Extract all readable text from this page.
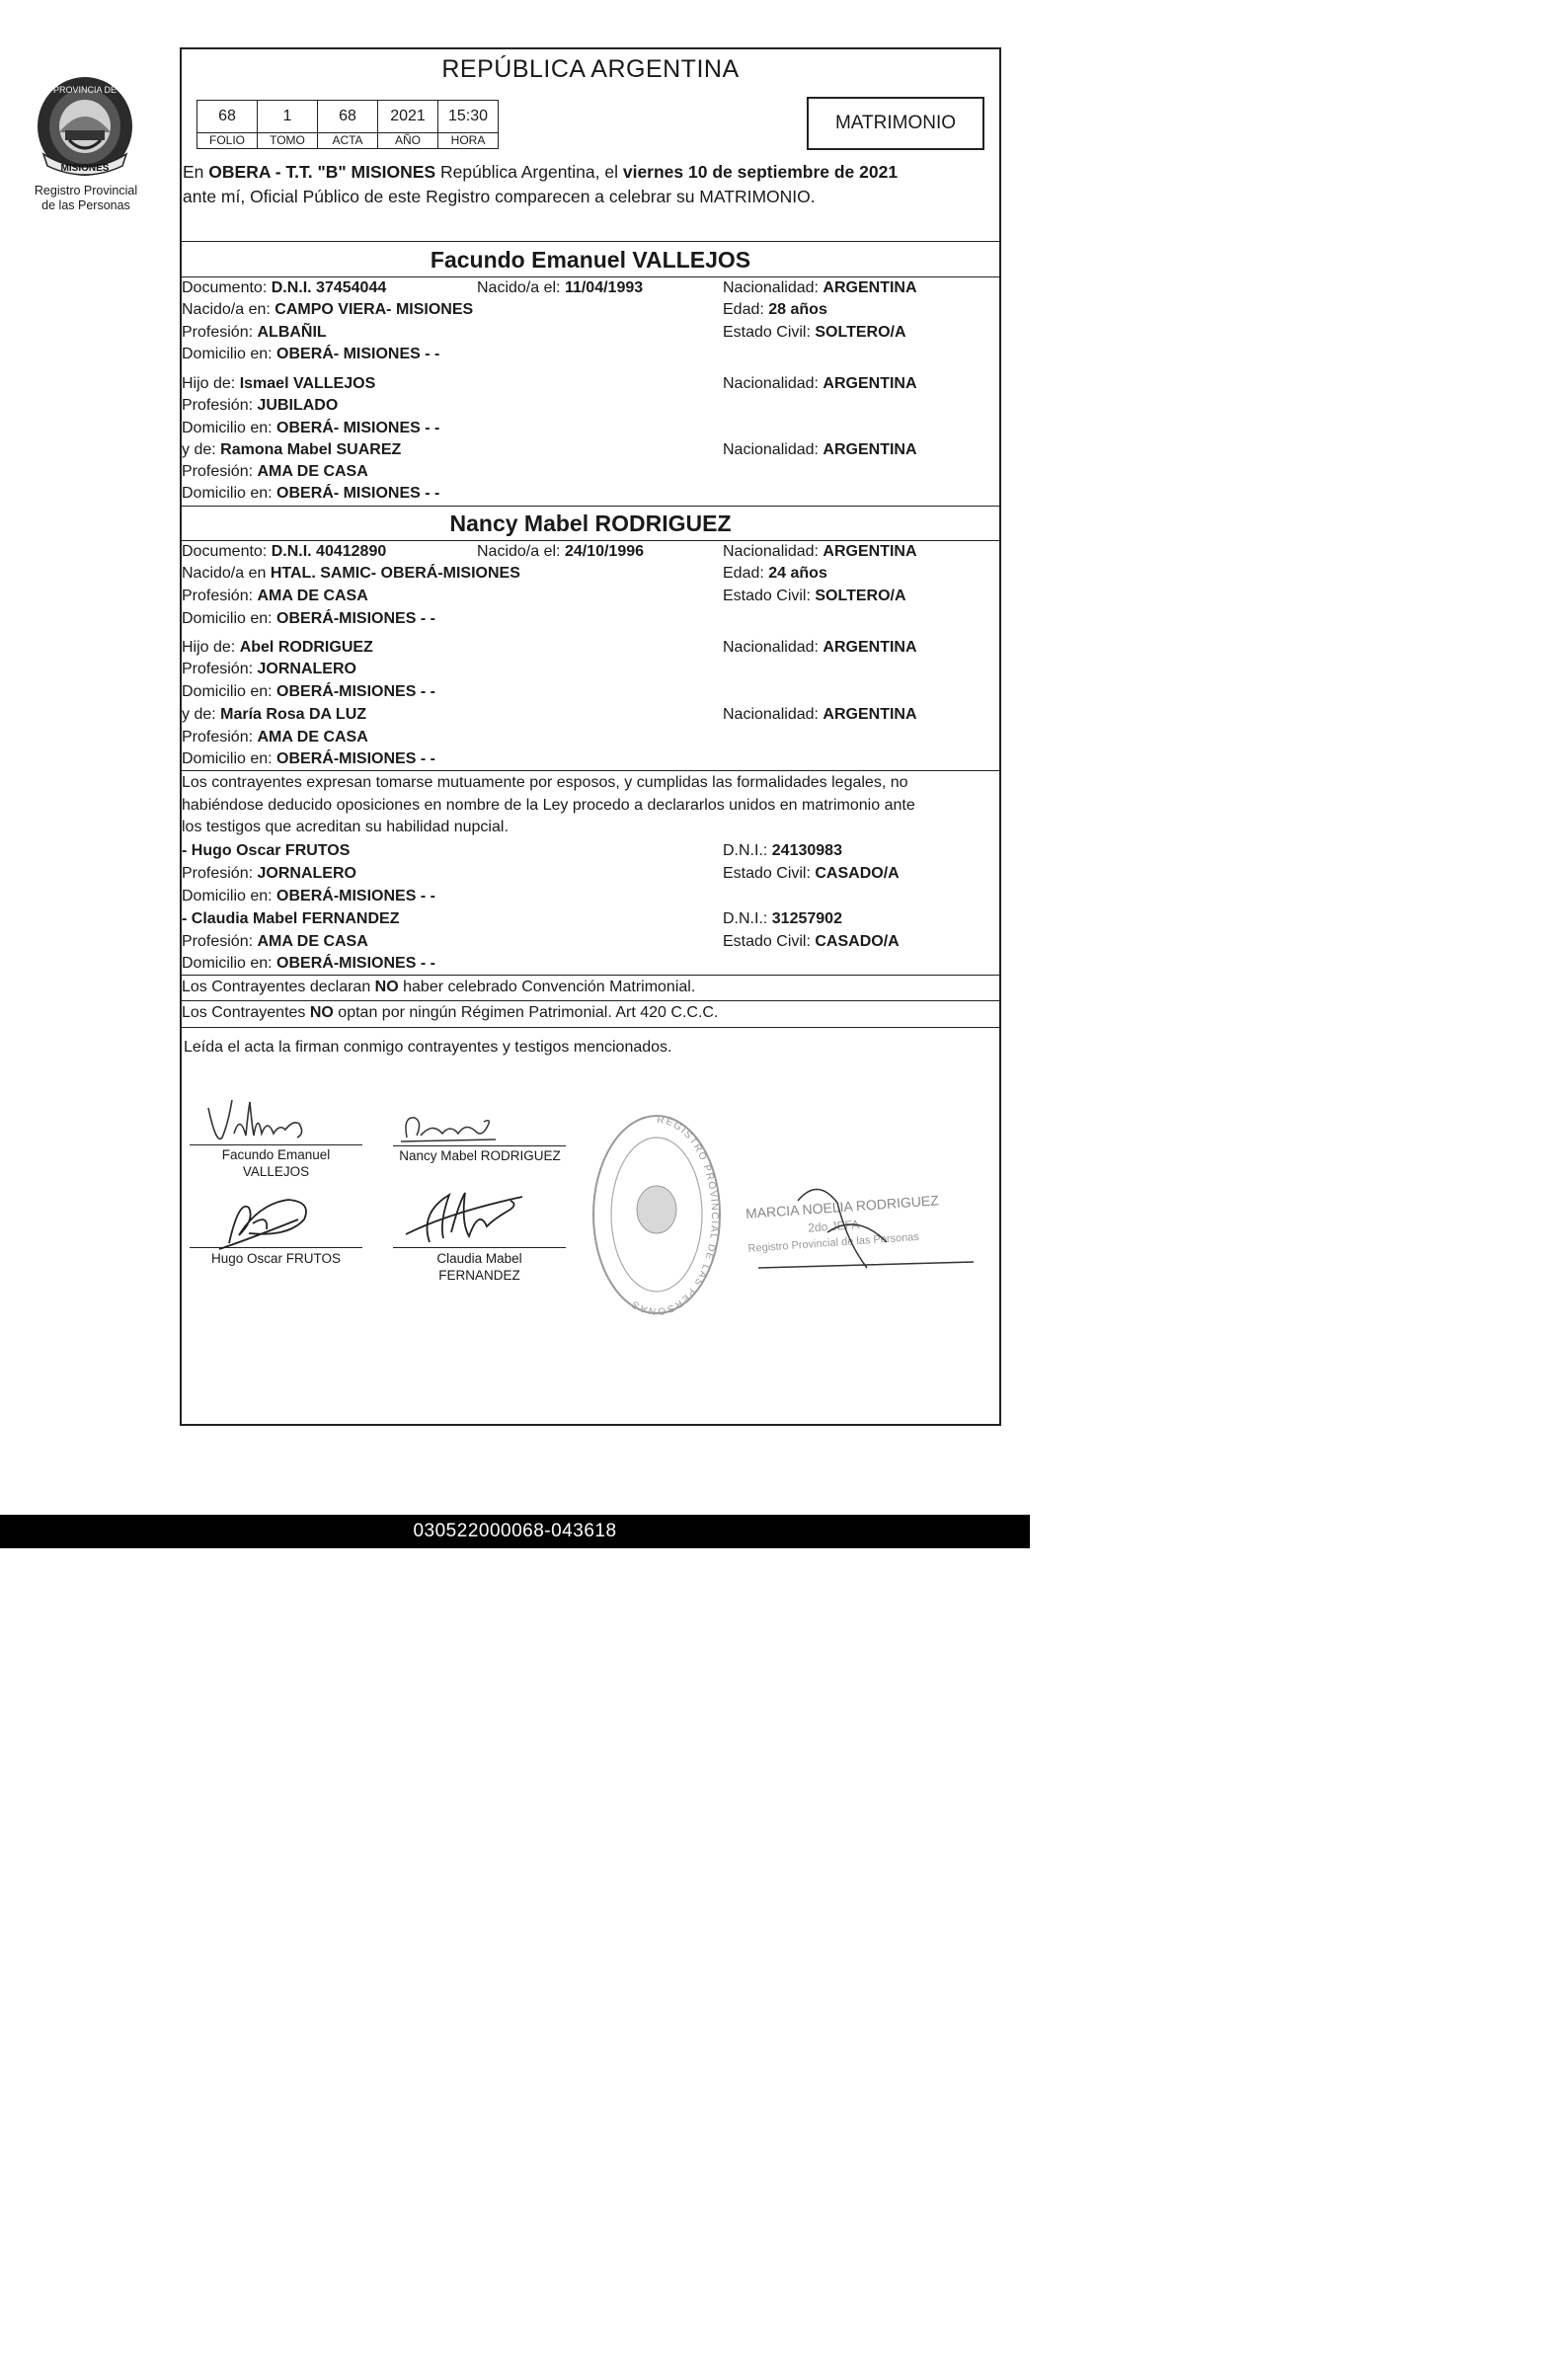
PROVINCIA DE
MISIONES
Registro Provincial
de las Personas
REPÚBLICA ARGENTINA
68
FOLIO
1
TOMO
68
ACTA
2021
AÑO
15:30
HORA
MATRIMONIO
En OBERA - T.T. "B" MISIONES República Argentina, el viernes 10 de septiembre de 2021
ante mí, Oficial Público de este Registro comparecen a celebrar su MATRIMONIO.
Facundo Emanuel VALLEJOS
Documento: D.N.I. 37454044	Nacido/a el: 11/04/1993	Nacionalidad: ARGENTINA
Nacido/a en: CAMPO VIERA- MISIONES	Edad: 28 años
Profesión: ALBAÑIL	Estado Civil: SOLTERO/A
Domicilio en: OBERÁ- MISIONES - -
Hijo de: Ismael VALLEJOS	Nacionalidad: ARGENTINA
Profesión: JUBILADO
Domicilio en: OBERÁ- MISIONES - -
y de: Ramona Mabel SUAREZ	Nacionalidad: ARGENTINA
Profesión: AMA DE CASA
Domicilio en: OBERÁ- MISIONES - -
Nancy Mabel RODRIGUEZ
Documento: D.N.I. 40412890	Nacido/a el: 24/10/1996	Nacionalidad: ARGENTINA
Nacido/a en HTAL. SAMIC- OBERÁ-MISIONES	Edad: 24 años
Profesión: AMA DE CASA	Estado Civil: SOLTERO/A
Domicilio en: OBERÁ-MISIONES - -
Hijo de: Abel RODRIGUEZ	Nacionalidad: ARGENTINA
Profesión: JORNALERO
Domicilio en: OBERÁ-MISIONES - -
y de: María Rosa DA LUZ	Nacionalidad: ARGENTINA
Profesión: AMA DE CASA
Domicilio en: OBERÁ-MISIONES - -
Los contrayentes expresan tomarse mutuamente por esposos, y cumplidas las formalidades legales, no
habiéndose deducido oposiciones en nombre de la Ley procedo a declararlos unidos en matrimonio ante
los testigos que acreditan su habilidad nupcial.
- Hugo Oscar FRUTOS	D.N.I.: 24130983
Profesión: JORNALERO	Estado Civil: CASADO/A
Domicilio en: OBERÁ-MISIONES - -
- Claudia Mabel FERNANDEZ	D.N.I.: 31257902
Profesión: AMA DE CASA	Estado Civil: CASADO/A
Domicilio en: OBERÁ-MISIONES - -
Los Contrayentes declaran NO haber celebrado Convención Matrimonial.
Los Contrayentes NO optan por ningún Régimen Patrimonial. Art 420 C.C.C.
Leída el acta la firman conmigo contrayentes y testigos mencionados.
Facundo Emanuel
VALLEJOS
Nancy Mabel RODRIGUEZ
Hugo Oscar FRUTOS	Claudia Mabel
FERNANDEZ
REGISTRO PROVINCIAL DE LAS PERSONAS
MARCIA NOELIA RODRIGUEZ
2do JEFA
Registro Provincial de las Personas
030522000068-043618
